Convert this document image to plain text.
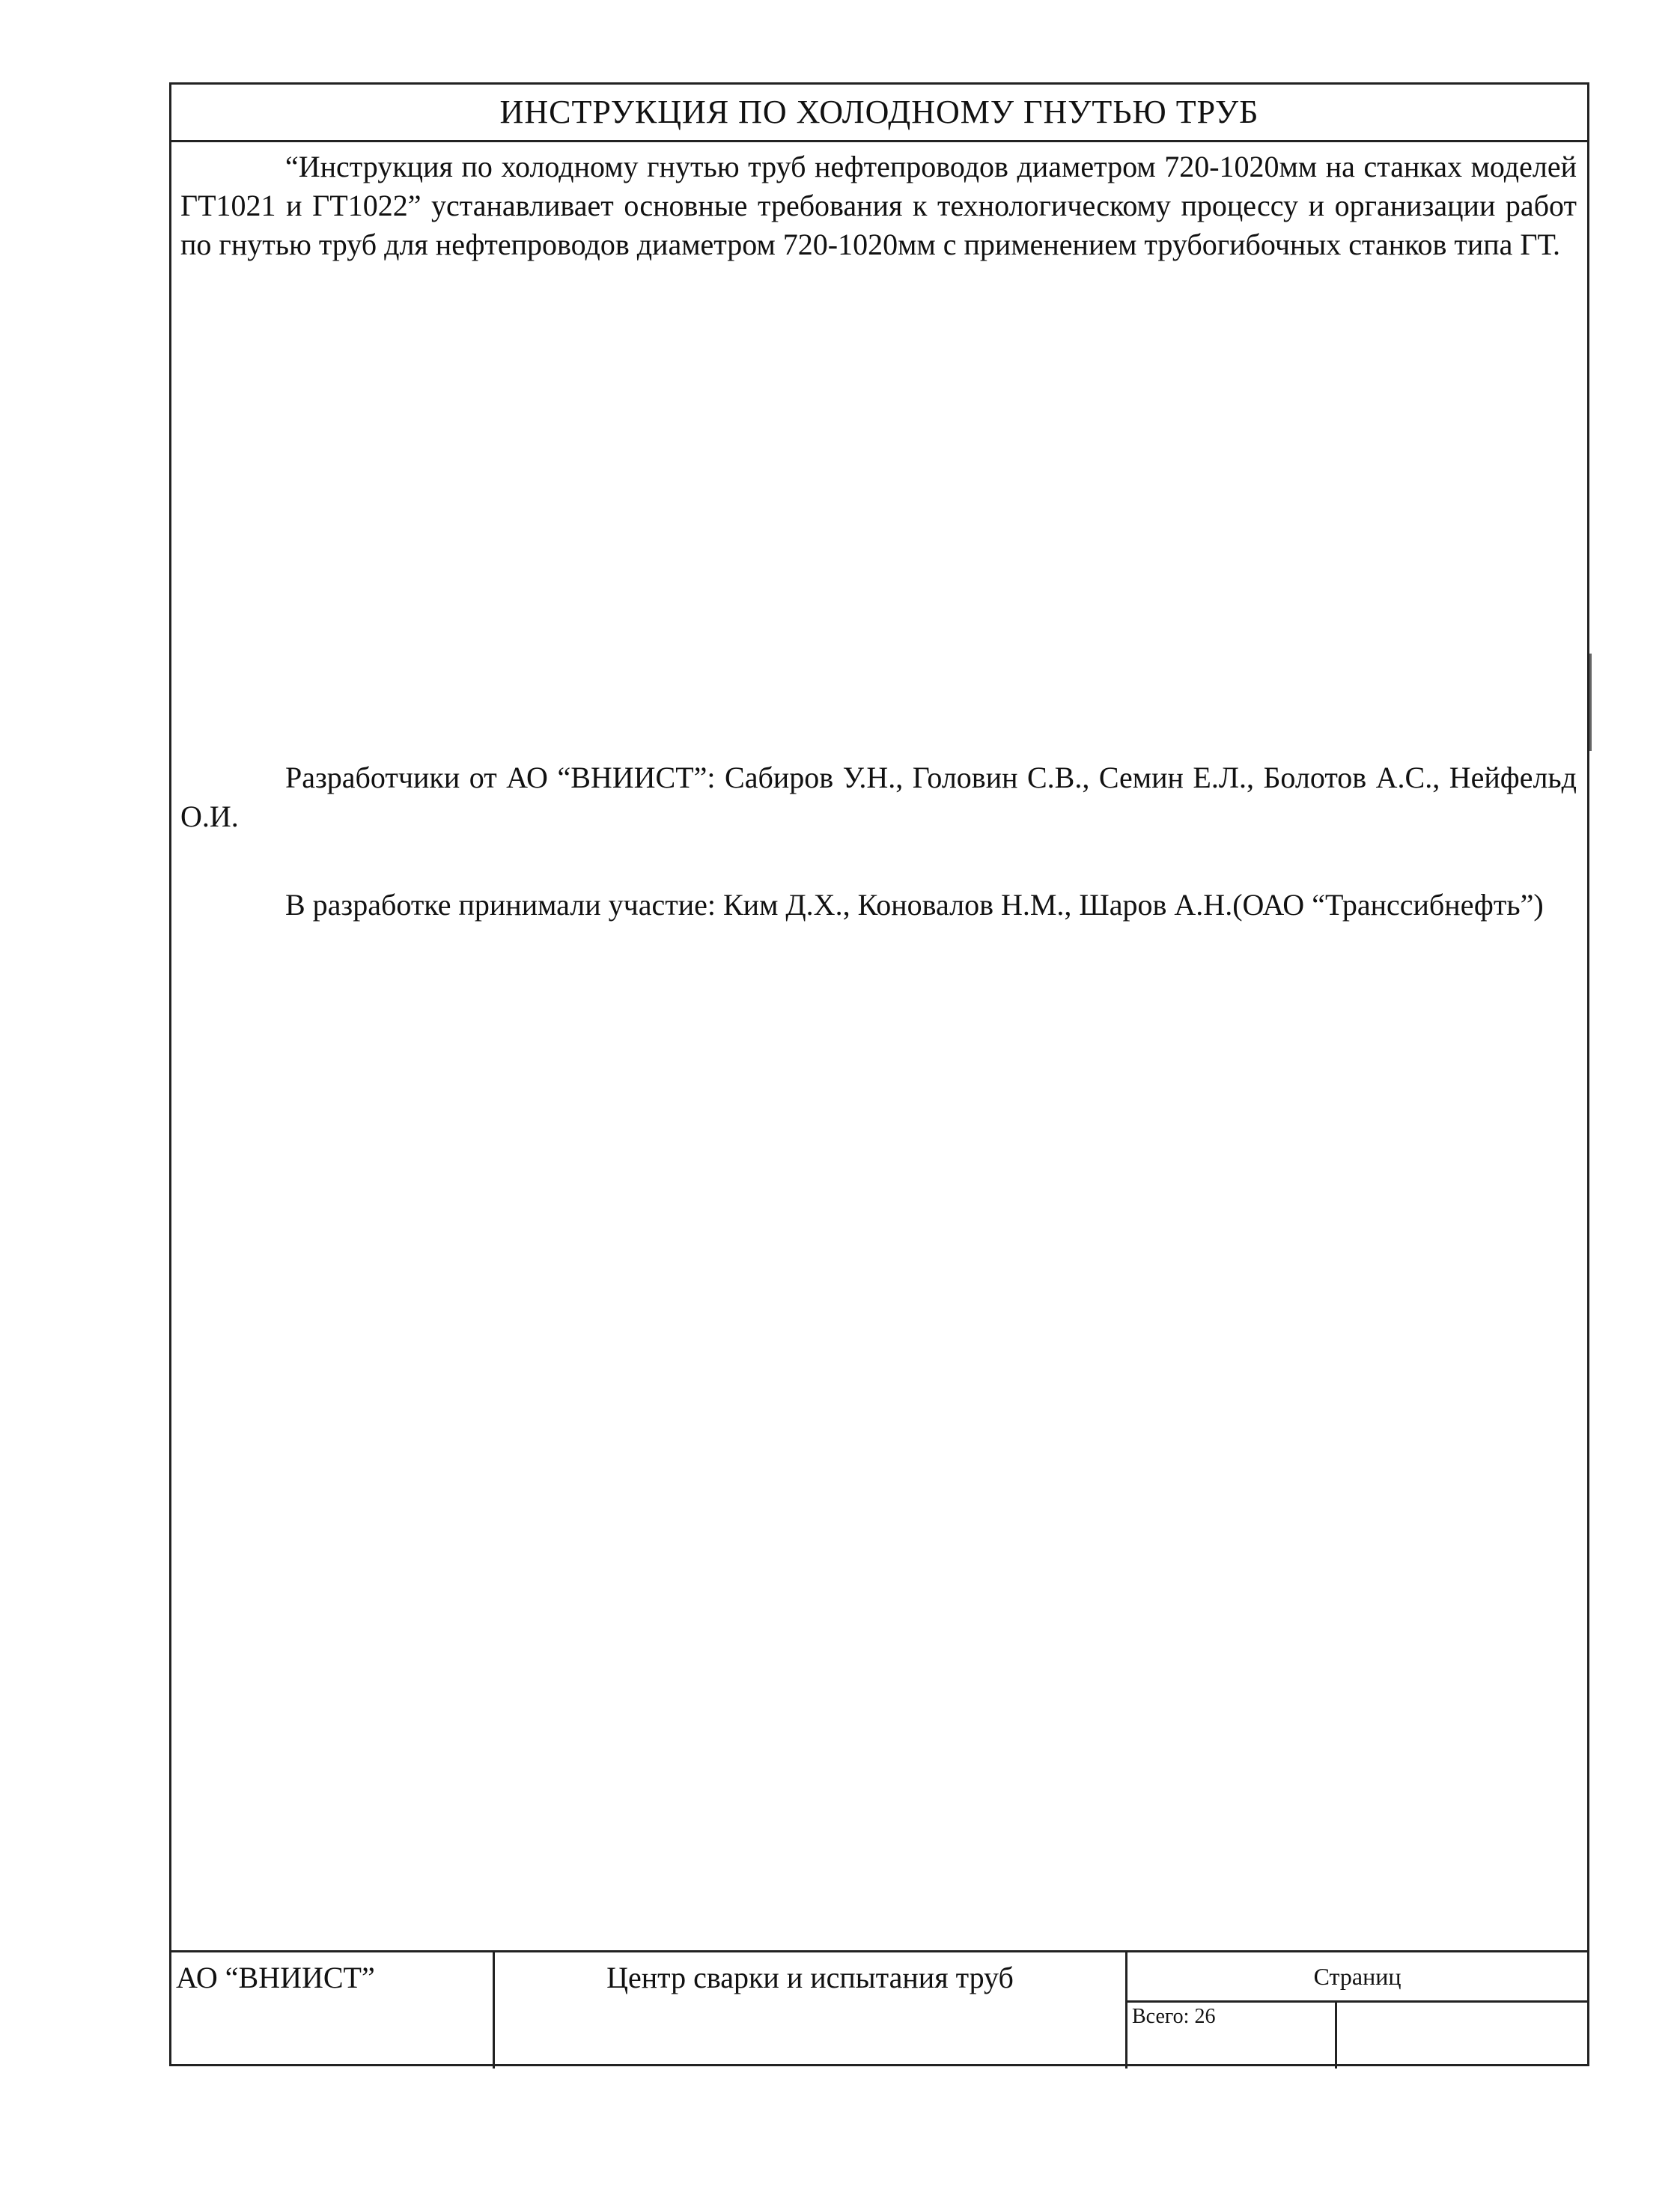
ИНСТРУКЦИЯ ПО ХОЛОДНОМУ ГНУТЬЮ ТРУБ
“Инструкция по холодному гнутью труб нефтепроводов диаметром 720-1020мм на станках моделей ГТ1021 и ГТ1022” устанавливает основные требования к технологическому процессу и организации работ по гнутью труб для нефтепроводов диаметром 720-1020мм с применением трубогибочных станков типа ГТ.
Разработчики от АО “ВНИИСТ”: Сабиров У.Н., Головин С.В., Семин Е.Л., Болотов А.С., Нейфельд О.И.
В разработке принимали участие: Ким Д.Х., Коновалов Н.М., Шаров А.Н.(ОАО “Транссибнефть”)
АО “ВНИИСТ”	Центр сварки и испытания труб	Страниц
Всего: 26
